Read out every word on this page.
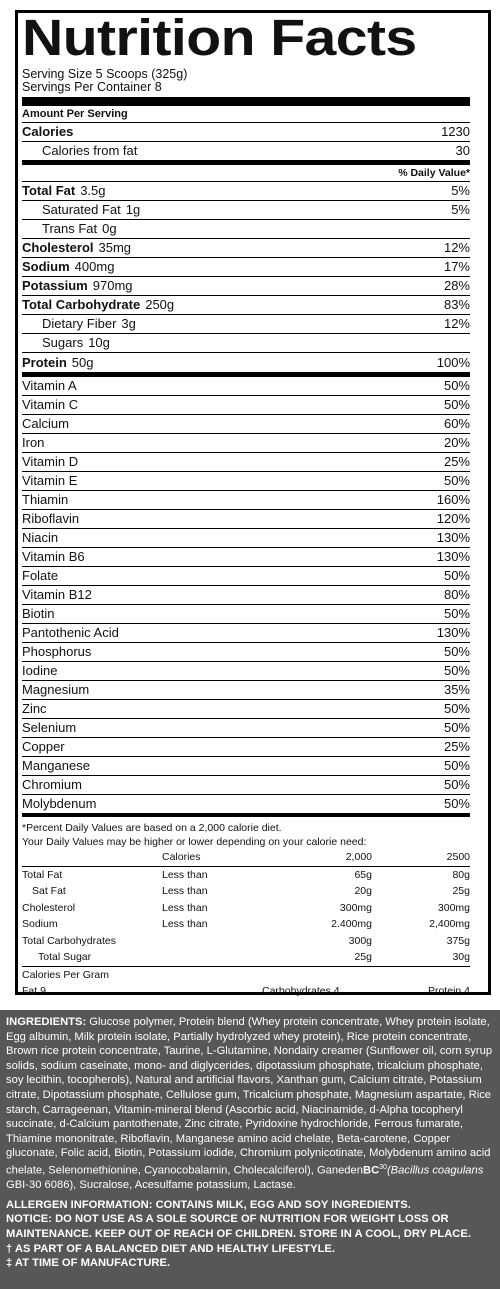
Nutrition Facts
Serving Size 5 Scoops (325g)
Servings Per Container 8
Amount Per Serving
Calories	1230
Calories from fat	30
% Daily Value*
Total Fat 3.5g	5%
Saturated Fat 1g	5%
Trans Fat 0g
Cholesterol 35mg	12%
Sodium 400mg	17%
Potassium 970mg	28%
Total Carbohydrate 250g	83%
Dietary Fiber 3g	12%
Sugars 10g
Protein 50g	100%
Vitamin A	50%
Vitamin C	50%
Calcium	60%
Iron	20%
Vitamin D	25%
Vitamin E	50%
Thiamin	160%
Riboflavin	120%
Niacin	130%
Vitamin B6	130%
Folate	50%
Vitamin B12	80%
Biotin	50%
Pantothenic Acid	130%
Phosphorus	50%
Iodine	50%
Magnesium	35%
Zinc	50%
Selenium	50%
Copper	25%
Manganese	50%
Chromium	50%
Molybdenum	50%
*Percent Daily Values are based on a 2,000 calorie diet.
Your Daily Values may be higher or lower depending on your calorie need:
	Calories	2,000	2500
Total Fat	Less than	65g	80g
Sat Fat	Less than	20g	25g
Cholesterol	Less than	300mg	300mg
Sodium	Less than	2.400mg	2,400mg
Total Carbohydrates		300g	375g
Total Sugar		25g	30g
Calories Per Gram
Fat 9	Carbohydrates 4	Protein 4

INGREDIENTS: Glucose polymer, Protein blend (Whey protein concentrate, Whey protein isolate, Egg albumin, Milk protein isolate, Partially hydrolyzed whey protein), Rice protein concentrate, Brown rice protein concentrate, Taurine, L-Glutamine, Nondairy creamer (Sunflower oil, corn syrup solids, sodium caseinate, mono- and diglycerides, dipotassium phosphate, tricalcium phosphate, soy lecithin, tocopherols), Natural and artificial flavors, Xanthan gum, Calcium citrate, Potassium citrate, Dipotassium phosphate, Cellulose gum, Tricalcium phosphate, Magnesium aspartate, Rice starch, Carrageenan, Vitamin-mineral blend (Ascorbic acid, Niacinamide, d-Alpha tocopheryl succinate, d-Calcium pantothenate, Zinc citrate, Pyridoxine hydrochloride, Ferrous fumarate, Thiamine mononitrate, Riboflavin, Manganese amino acid chelate, Beta-carotene, Copper gluconate, Folic acid, Biotin, Potassium iodide, Chromium polynicotinate, Molybdenum amino acid chelate, Selenomethionine, Cyanocobalamin, Cholecalciferol), GanedenBC$^{30}$(Bacillus coagulans GBI-30 6086), Sucralose, Acesulfame potassium, Lactase.

ALLERGEN INFORMATION: CONTAINS MILK, EGG AND SOY INGREDIENTS.

NOTICE: DO NOT USE AS A SOLE SOURCE OF NUTRITION FOR WEIGHT LOSS OR MAINTENANCE. KEEP OUT OF REACH OF CHILDREN. STORE IN A COOL, DRY PLACE.

† AS PART OF A BALANCED DIET AND HEALTHY LIFESTYLE.

‡ AT TIME OF MANUFACTURE.
